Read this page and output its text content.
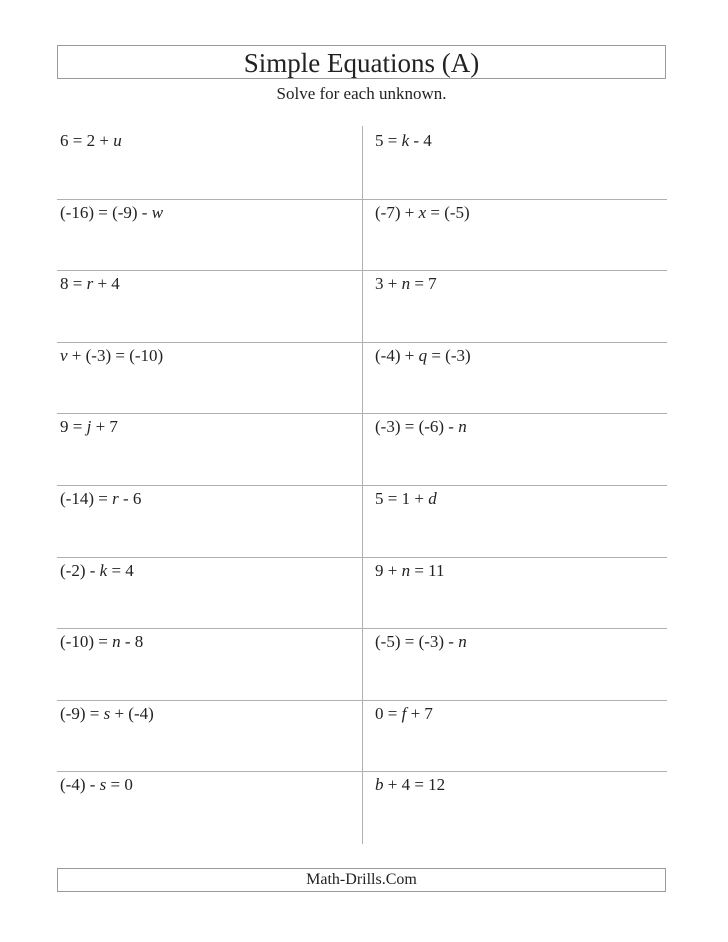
Simple Equations (A)
Solve for each unknown.
6 = 2 + u	5 = k - 4
(-16) = (-9) - w	(-7) + x = (-5)
8 = r + 4	3 + n = 7
v + (-3) = (-10)	(-4) + q = (-3)
9 = j + 7	(-3) = (-6) - n
(-14) = r - 6	5 = 1 + d
(-2) - k = 4	9 + n = 11
(-10) = n - 8	(-5) = (-3) - n
(-9) = s + (-4)	0 = f + 7
(-4) - s = 0	b + 4 = 12
Math-Drills.Com
